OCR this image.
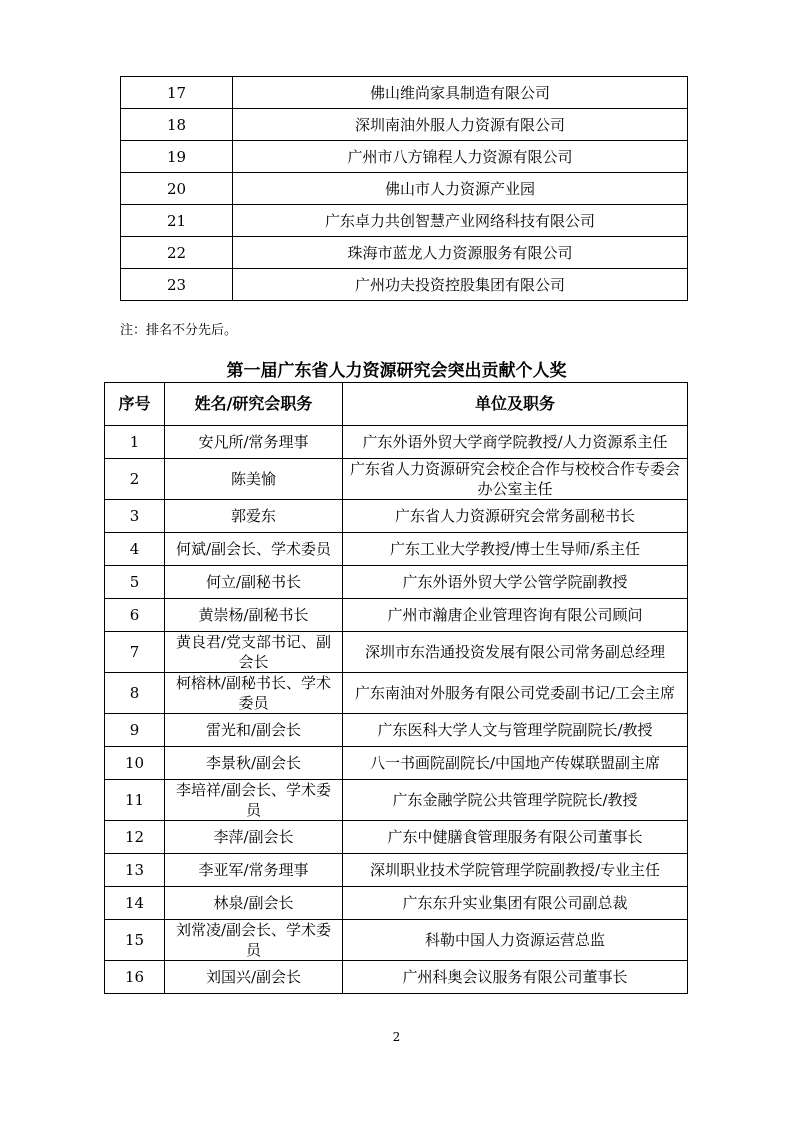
17	佛山维尚家具制造有限公司
18	深圳南油外服人力资源有限公司
19	广州市八方锦程人力资源有限公司
20	佛山市人力资源产业园
21	广东卓力共创智慧产业网络科技有限公司
22	珠海市蓝龙人力资源服务有限公司
23	广州功夫投资控股集团有限公司
注：排名不分先后。
第一届广东省人力资源研究会突出贡献个人奖
序号	姓名/研究会职务	单位及职务
1	安凡所/常务理事	广东外语外贸大学商学院教授/人力资源系主任
2	陈美愉	广东省人力资源研究会校企合作与校校合作专委会办公室主任
3	郭爱东	广东省人力资源研究会常务副秘书长
4	何斌/副会长、学术委员	广东工业大学教授/博士生导师/系主任
5	何立/副秘书长	广东外语外贸大学公管学院副教授
6	黄崇杨/副秘书长	广州市瀚唐企业管理咨询有限公司顾问
7	黄良君/党支部书记、副会长	深圳市东浩通投资发展有限公司常务副总经理
8	柯榕林/副秘书长、学术委员	广东南油对外服务有限公司党委副书记/工会主席
9	雷光和/副会长	广东医科大学人文与管理学院副院长/教授
10	李景秋/副会长	八一书画院副院长/中国地产传媒联盟副主席
11	李培祥/副会长、学术委员	广东金融学院公共管理学院院长/教授
12	李萍/副会长	广东中健膳食管理服务有限公司董事长
13	李亚军/常务理事	深圳职业技术学院管理学院副教授/专业主任
14	林泉/副会长	广东东升实业集团有限公司副总裁
15	刘常凌/副会长、学术委员	科勒中国人力资源运营总监
16	刘国兴/副会长	广州科奥会议服务有限公司董事长
2
